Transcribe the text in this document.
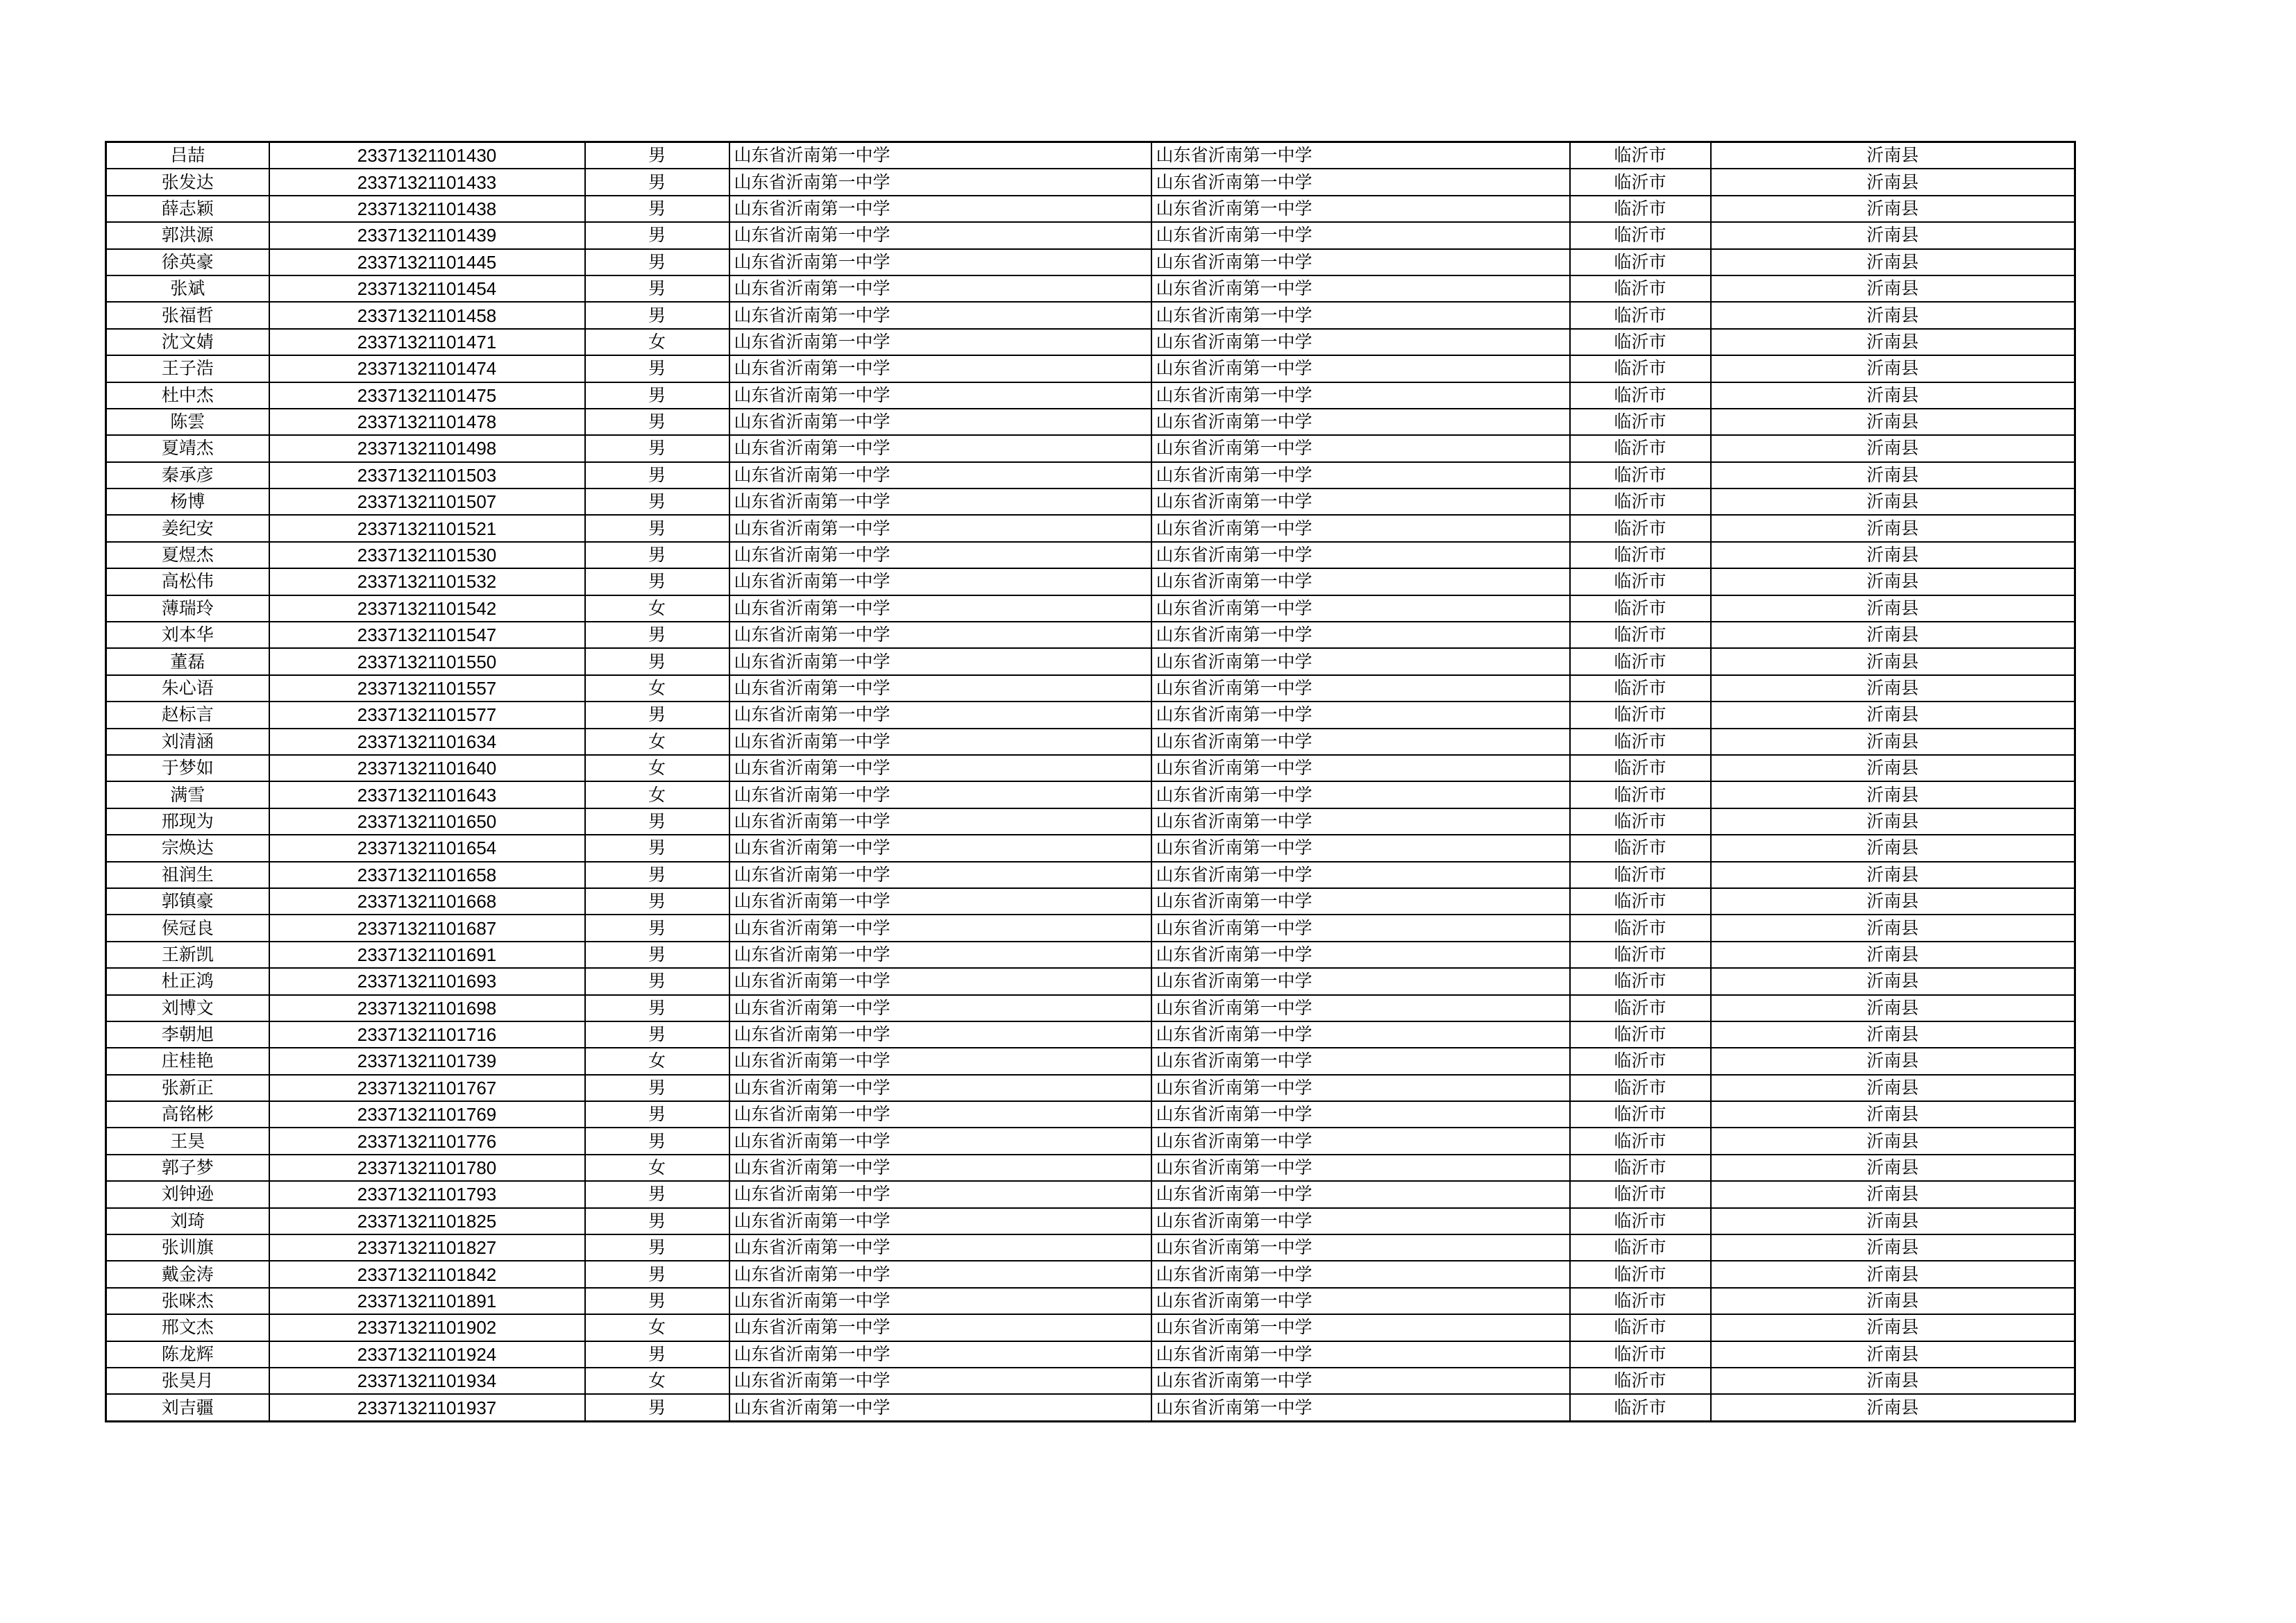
吕喆	23371321101430	男	山东省沂南第一中学	山东省沂南第一中学	临沂市	沂南县
张发达	23371321101433	男	山东省沂南第一中学	山东省沂南第一中学	临沂市	沂南县
薛志颖	23371321101438	男	山东省沂南第一中学	山东省沂南第一中学	临沂市	沂南县
郭洪源	23371321101439	男	山东省沂南第一中学	山东省沂南第一中学	临沂市	沂南县
徐英豪	23371321101445	男	山东省沂南第一中学	山东省沂南第一中学	临沂市	沂南县
张斌	23371321101454	男	山东省沂南第一中学	山东省沂南第一中学	临沂市	沂南县
张福哲	23371321101458	男	山东省沂南第一中学	山东省沂南第一中学	临沂市	沂南县
沈文婧	23371321101471	女	山东省沂南第一中学	山东省沂南第一中学	临沂市	沂南县
王子浩	23371321101474	男	山东省沂南第一中学	山东省沂南第一中学	临沂市	沂南县
杜中杰	23371321101475	男	山东省沂南第一中学	山东省沂南第一中学	临沂市	沂南县
陈雲	23371321101478	男	山东省沂南第一中学	山东省沂南第一中学	临沂市	沂南县
夏靖杰	23371321101498	男	山东省沂南第一中学	山东省沂南第一中学	临沂市	沂南县
秦承彦	23371321101503	男	山东省沂南第一中学	山东省沂南第一中学	临沂市	沂南县
杨博	23371321101507	男	山东省沂南第一中学	山东省沂南第一中学	临沂市	沂南县
姜纪安	23371321101521	男	山东省沂南第一中学	山东省沂南第一中学	临沂市	沂南县
夏煜杰	23371321101530	男	山东省沂南第一中学	山东省沂南第一中学	临沂市	沂南县
高松伟	23371321101532	男	山东省沂南第一中学	山东省沂南第一中学	临沂市	沂南县
薄瑞玲	23371321101542	女	山东省沂南第一中学	山东省沂南第一中学	临沂市	沂南县
刘本华	23371321101547	男	山东省沂南第一中学	山东省沂南第一中学	临沂市	沂南县
董磊	23371321101550	男	山东省沂南第一中学	山东省沂南第一中学	临沂市	沂南县
朱心语	23371321101557	女	山东省沂南第一中学	山东省沂南第一中学	临沂市	沂南县
赵标言	23371321101577	男	山东省沂南第一中学	山东省沂南第一中学	临沂市	沂南县
刘清涵	23371321101634	女	山东省沂南第一中学	山东省沂南第一中学	临沂市	沂南县
于梦如	23371321101640	女	山东省沂南第一中学	山东省沂南第一中学	临沂市	沂南县
满雪	23371321101643	女	山东省沂南第一中学	山东省沂南第一中学	临沂市	沂南县
邢现为	23371321101650	男	山东省沂南第一中学	山东省沂南第一中学	临沂市	沂南县
宗焕达	23371321101654	男	山东省沂南第一中学	山东省沂南第一中学	临沂市	沂南县
祖润生	23371321101658	男	山东省沂南第一中学	山东省沂南第一中学	临沂市	沂南县
郭镇豪	23371321101668	男	山东省沂南第一中学	山东省沂南第一中学	临沂市	沂南县
侯冠良	23371321101687	男	山东省沂南第一中学	山东省沂南第一中学	临沂市	沂南县
王新凯	23371321101691	男	山东省沂南第一中学	山东省沂南第一中学	临沂市	沂南县
杜正鸿	23371321101693	男	山东省沂南第一中学	山东省沂南第一中学	临沂市	沂南县
刘博文	23371321101698	男	山东省沂南第一中学	山东省沂南第一中学	临沂市	沂南县
李朝旭	23371321101716	男	山东省沂南第一中学	山东省沂南第一中学	临沂市	沂南县
庄桂艳	23371321101739	女	山东省沂南第一中学	山东省沂南第一中学	临沂市	沂南县
张新正	23371321101767	男	山东省沂南第一中学	山东省沂南第一中学	临沂市	沂南县
高铭彬	23371321101769	男	山东省沂南第一中学	山东省沂南第一中学	临沂市	沂南县
王昊	23371321101776	男	山东省沂南第一中学	山东省沂南第一中学	临沂市	沂南县
郭子梦	23371321101780	女	山东省沂南第一中学	山东省沂南第一中学	临沂市	沂南县
刘钟逊	23371321101793	男	山东省沂南第一中学	山东省沂南第一中学	临沂市	沂南县
刘琦	23371321101825	男	山东省沂南第一中学	山东省沂南第一中学	临沂市	沂南县
张训旗	23371321101827	男	山东省沂南第一中学	山东省沂南第一中学	临沂市	沂南县
戴金涛	23371321101842	男	山东省沂南第一中学	山东省沂南第一中学	临沂市	沂南县
张咪杰	23371321101891	男	山东省沂南第一中学	山东省沂南第一中学	临沂市	沂南县
邢文杰	23371321101902	女	山东省沂南第一中学	山东省沂南第一中学	临沂市	沂南县
陈龙辉	23371321101924	男	山东省沂南第一中学	山东省沂南第一中学	临沂市	沂南县
张昊月	23371321101934	女	山东省沂南第一中学	山东省沂南第一中学	临沂市	沂南县
刘吉疆	23371321101937	男	山东省沂南第一中学	山东省沂南第一中学	临沂市	沂南县
